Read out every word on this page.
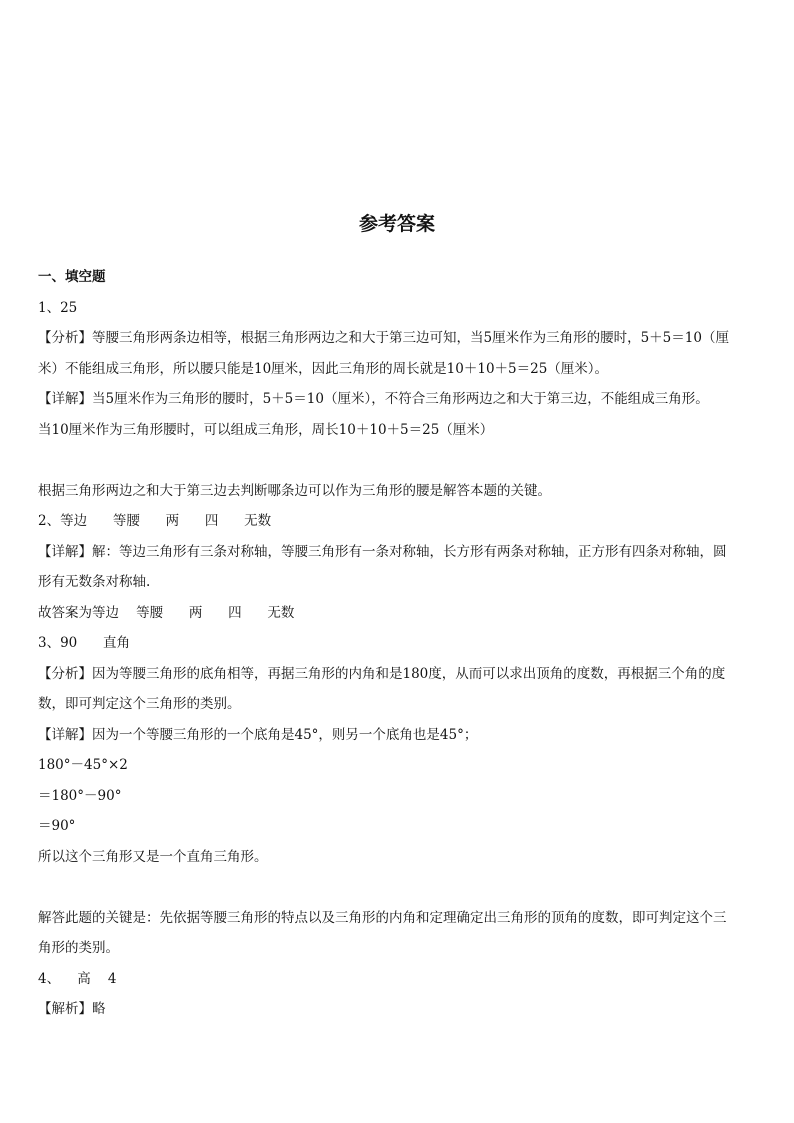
参考答案
一、填空题
1、25
【分析】等腰三角形两条边相等，根据三角形两边之和大于第三边可知，当5厘米作为三角形的腰时，5＋5＝10（厘
米）不能组成三角形，所以腰只能是10厘米，因此三角形的周长就是10＋10＋5＝25（厘米）。
【详解】当5厘米作为三角形的腰时，5＋5＝10（厘米），不符合三角形两边之和大于第三边，不能组成三角形。
当10厘米作为三角形腰时，可以组成三角形，周长10＋10＋5＝25（厘米）
根据三角形两边之和大于第三边去判断哪条边可以作为三角形的腰是解答本题的关键。
2、等边      等腰      两      四      无数
【详解】解：等边三角形有三条对称轴，等腰三角形有一条对称轴，长方形有两条对称轴，正方形有四条对称轴，圆
形有无数条对称轴.
故答案为等边    等腰      两      四      无数
3、90      直角
【分析】因为等腰三角形的底角相等，再据三角形的内角和是180度，从而可以求出顶角的度数，再根据三个角的度
数，即可判定这个三角形的类别。
【详解】因为一个等腰三角形的一个底角是45°，则另一个底角也是45°；
180°－45°×2
＝180°－90°
＝90°
所以这个三角形又是一个直角三角形。
解答此题的关键是：先依据等腰三角形的特点以及三角形的内角和定理确定出三角形的顶角的度数，即可判定这个三
角形的类别。
4、    高    4
【解析】略
